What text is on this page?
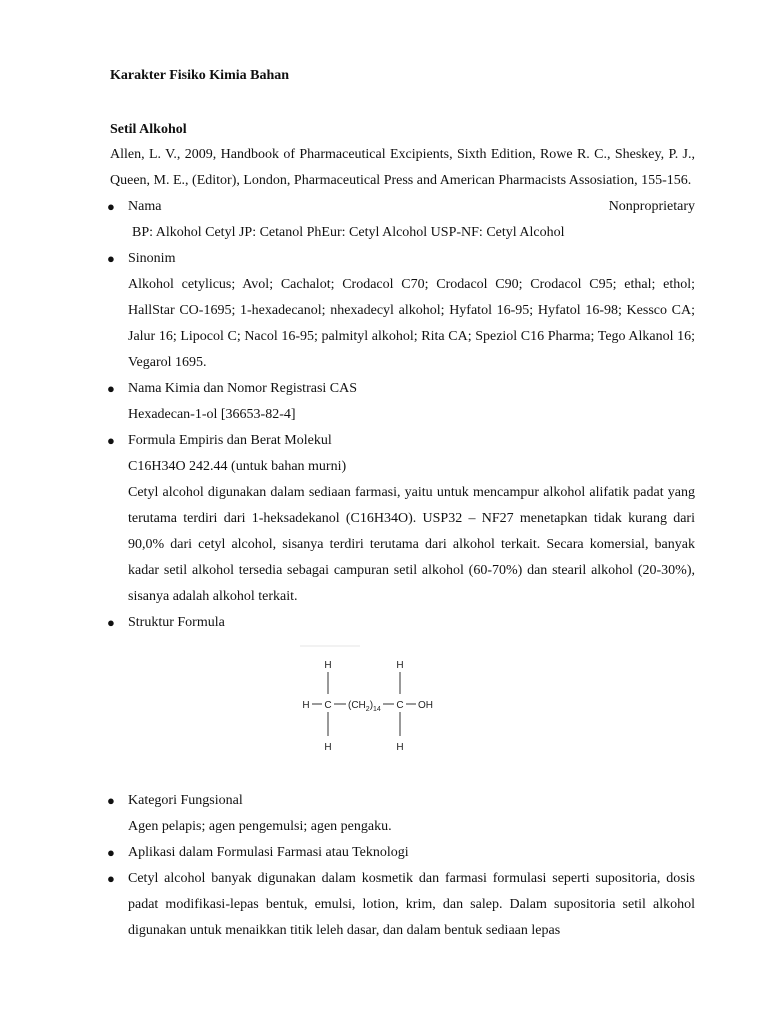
Karakter Fisiko Kimia Bahan

Setil Alkohol

Allen, L. V., 2009, Handbook of Pharmaceutical Excipients, Sixth Edition, Rowe R. C., Sheskey, P. J., Queen, M. E., (Editor), London, Pharmaceutical Press and American Pharmacists Assosiation, 155-156.

● Nama	Nonproprietary

BP: Alkohol Cetyl JP: Cetanol PhEur: Cetyl Alcohol USP-NF: Cetyl Alcohol

● Sinonim

Alkohol cetylicus; Avol; Cachalot; Crodacol C70; Crodacol C90; Crodacol C95; ethal; ethol; HallStar CO-1695; 1-hexadecanol; nhexadecyl alkohol; Hyfatol 16-95; Hyfatol 16-98; Kessco CA; Jalur 16; Lipocol C; Nacol 16-95; palmityl alkohol; Rita CA; Speziol C16 Pharma; Tego Alkanol 16; Vegarol 1695.

● Nama Kimia dan Nomor Registrasi CAS

Hexadecan-1-ol [36653-82-4]

● Formula Empiris dan Berat Molekul

C16H34O 242.44 (untuk bahan murni)

Cetyl alcohol digunakan dalam sediaan farmasi, yaitu untuk mencampur alkohol alifatik padat yang terutama terdiri dari 1-heksadekanol (C16H34O). USP32 – NF27 menetapkan tidak kurang dari 90,0% dari cetyl alcohol, sisanya terdiri terutama dari alkohol terkait. Secara komersial, banyak kadar setil alkohol tersedia sebagai campuran setil alkohol (60-70%) dan stearil alkohol (20-30%), sisanya adalah alkohol terkait.

● Struktur Formula

H
H C $(CH_2)_{14}$ C OH
H
H	H
● Kategori Fungsional

Agen pelapis; agen pengemulsi; agen pengaku.

● Aplikasi dalam Formulasi Farmasi atau Teknologi

● Cetyl alcohol banyak digunakan dalam kosmetik dan farmasi formulasi seperti supositoria, dosis padat modifikasi-lepas bentuk, emulsi, lotion, krim, dan salep. Dalam supositoria setil alkohol digunakan untuk menaikkan titik leleh dasar, dan dalam bentuk sediaan lepas
